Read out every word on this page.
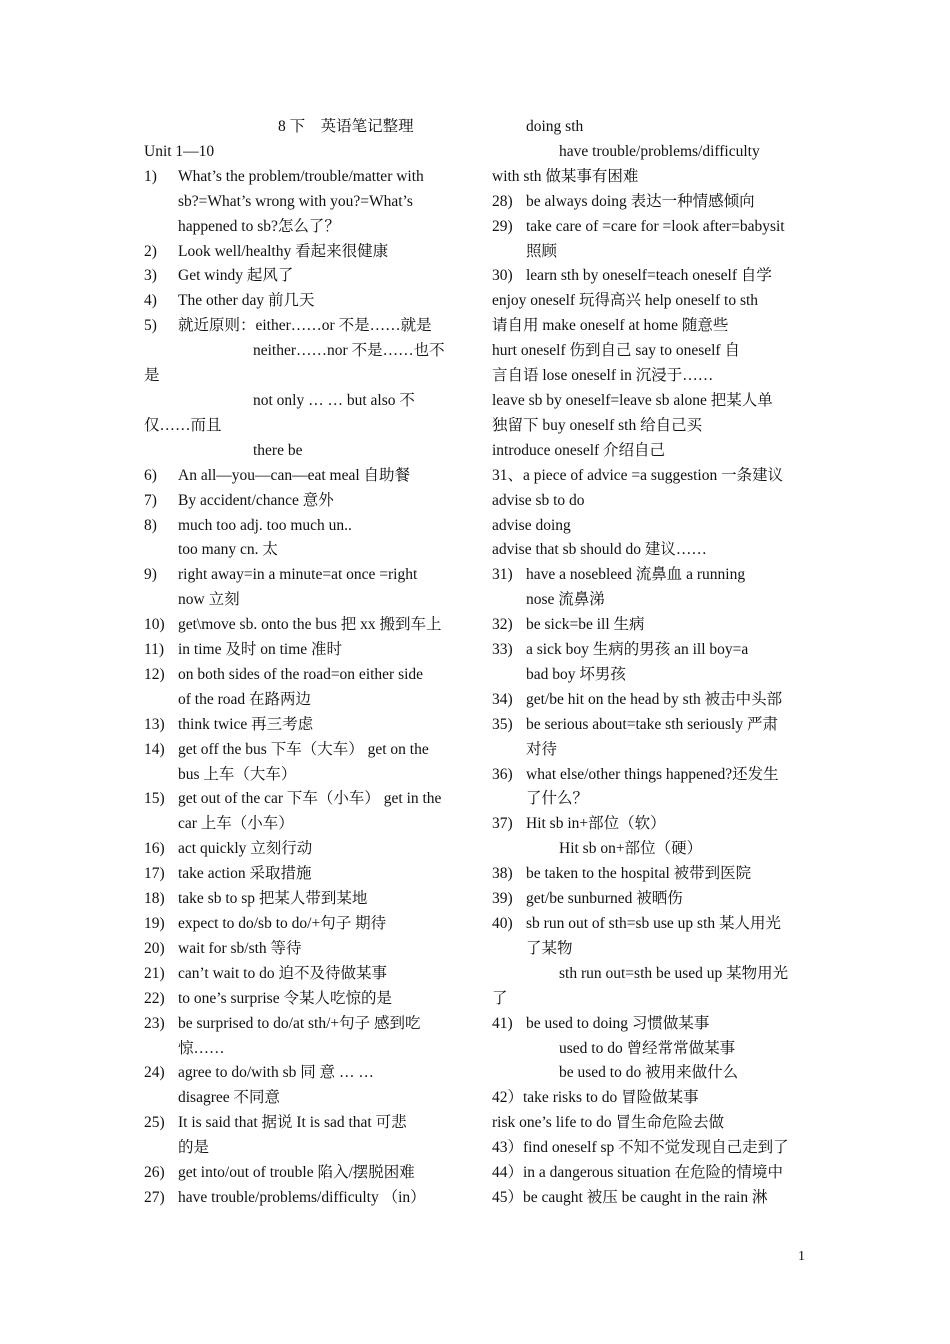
8 下　英语笔记整理
Unit 1—10
1)	What’s the problem/trouble/matter with
sb?=What’s wrong with you?=What’s
happened to sb?怎么了？
2)	Look well/healthy 看起来很健康
3)	Get windy 起风了
4)	The other day 前几天
5)	就近原则：either……or 不是……就是
neither……nor 不是……也不
是
not only … … but also 不
仅……而且
there be
6)	An all—you—can—eat meal 自助餐
7)	By accident/chance 意外
8)	much too adj. too much un..
too many cn. 太
9)	right away=in a minute=at once =right
now 立刻
10) get\move sb. onto the bus 把 xx 搬到车上
11) in time 及时 on time 准时
12) on both sides of the road=on either side
of the road 在路两边
13) think twice 再三考虑
14) get off the bus 下车（大车） get on the
bus 上车（大车）
15) get out of the car 下车（小车） get in the
car 上车（小车）
16) act quickly 立刻行动
17) take action 采取措施
18) take sb to sp 把某人带到某地
19) expect to do/sb to do/+句子 期待
20) wait for sb/sth 等待
21) can’t wait to do 迫不及待做某事
22) to one’s surprise 令某人吃惊的是
23) be surprised to do/at sth/+句子 感到吃
惊……
24) agree to do/with sb 同 意 … …
disagree 不同意
25) It is said that 据说 It is sad that 可悲
的是
26) get into/out of trouble 陷入/摆脱困难
27) have trouble/problems/difficulty （in）
doing sth
have trouble/problems/difficulty
with sth 做某事有困难
28) be always doing 表达一种情感倾向
29) take care of =care for =look after=babysit
照顾
30) learn sth by oneself=teach oneself 自学
enjoy oneself 玩得高兴 help oneself to sth
请自用 make oneself at home 随意些
hurt oneself 伤到自己 say to oneself 自
言自语 lose oneself in 沉浸于……
leave sb by oneself=leave sb alone 把某人单
独留下 buy oneself sth 给自己买
introduce oneself 介绍自己
31、a piece of advice =a suggestion 一条建议
advise sb to do
advise doing
advise that sb should do 建议……
31) have a nosebleed 流鼻血 a running
nose 流鼻涕
32) be sick=be ill 生病
33) a sick boy 生病的男孩 an ill boy=a
bad boy 坏男孩
34) get/be hit on the head by sth 被击中头部
35) be serious about=take sth seriously 严肃
对待
36) what else/other things happened?还发生
了什么？
37) Hit sb in+部位（软）
Hit sb on+部位（硬）
38) be taken to the hospital 被带到医院
39) get/be sunburned 被晒伤
40) sb run out of sth=sb use up sth 某人用光
了某物
sth run out=sth be used up 某物用光
了
41) be used to doing 习惯做某事
used to do 曾经常常做某事
be used to do 被用来做什么
42）take risks to do 冒险做某事
risk one’s life to do 冒生命危险去做
43）find oneself sp 不知不觉发现自己走到了
44）in a dangerous situation 在危险的情境中
45）be caught 被压 be caught in the rain 淋
1
